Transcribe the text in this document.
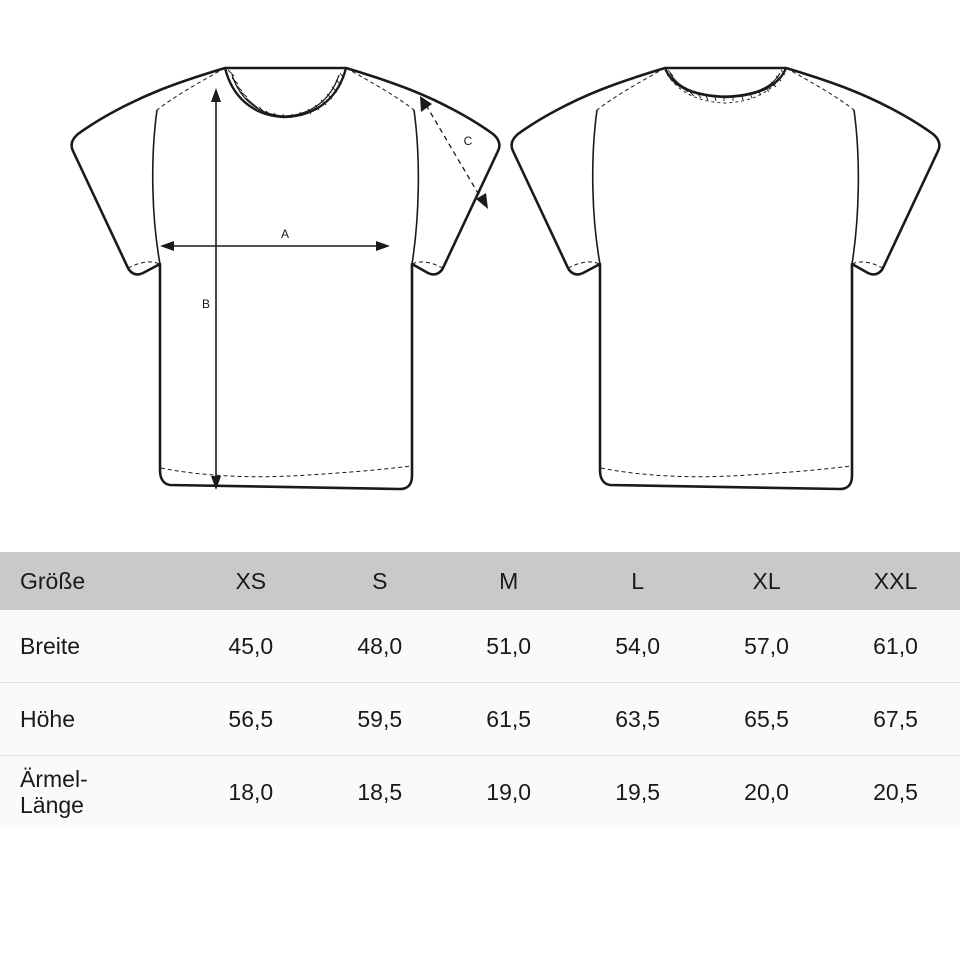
A
B
C
Größe	XS	S	M	L	XL	XXL
Breite	45,0	48,0	51,0	54,0	57,0	61,0
Höhe	56,5	59,5	61,5	63,5	65,5	67,5

Ärmel-
Länge	18,0	18,5	19,0	19,5	20,0	20,5
